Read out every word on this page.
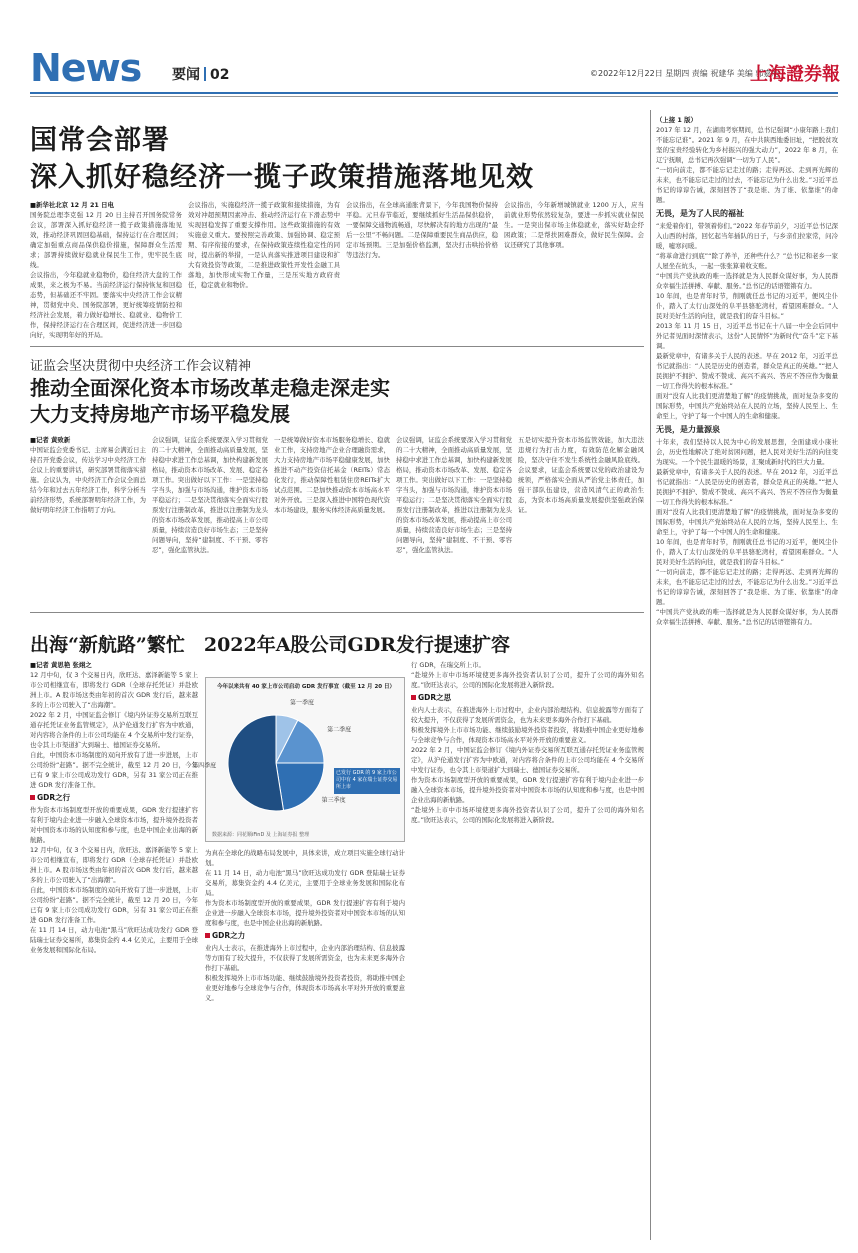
News 要闻 02	©2022年12月22日 星期四 责编 祝建华 美编 郭嘉旭
上海證券報
国常会部署
深入抓好稳经济一揽子政策措施落地见效

■新华社北京 12 月 21 日电

国务院总理李克强 12 月 20 日主持召开国务院常务会议，部署深入抓好稳经济一揽子政策措施落地见效，推动经济巩固回稳基础，保持运行在合理区间；确定加强重点商品保供稳价措施，保障群众生活需求；部署持续做好稳就业保民生工作，兜牢民生底线。

会议指出，今年稳就业稳物价，稳住经济大盘的工作成果，来之极为不易。当前经济运行保持恢复和回稳态势，但基础还不牢固。要落实中央经济工作会议精神，贯彻党中央、国务院部署，更好统筹疫情防控和经济社会发展，着力做好稳增长、稳就业、稳物价工作，保持经济运行在合理区间，促进经济进一步回稳向好，实现明年好的开局。

会议指出，实施稳经济一揽子政策和接续措施，为有效对冲超预期因素冲击、推动经济运行在下滑态势中实现回稳发挥了重要支撑作用。这些政策措施的有效实施意义重大。要按照完善政策、加强协调、稳定预期、有序衔接的要求，在保持政策连续性稳定性的同时，提出新的举措，一是认真落实推进项目建设和扩大有效投资等政策，二是推进政策性开发性金融工具落地，加快形成实物工作量，三是压实地方政府责任，稳定就业和物价。

会议指出，在全球高通胀背景下，今年我国物价保持平稳。元旦春节临近，要继续抓好生活品保供稳价，一要保障交通物流畅通，尽快解决有的地方出现的“最后一公里”不畅问题。二是保障重要民生商品供应，稳定市场预期。三是加强价格监测，坚决打击哄抬价格等违法行为。

会议指出，今年新增城镇就业 1200 万人，应当前就业形势依然较复杂，要进一步抓实就业保民生。一是突出保市场主体稳就业，落实好助企纾困政策；二是帮扶困难群众，做好民生保障。会议还研究了其他事项。

证监会坚决贯彻中央经济工作会议精神
推动全面深化资本市场改革走稳走深走实
大力支持房地产市场平稳发展

■记者 黄致新

中国证监会党委书记、主席易会满近日主持召开党委会议，传达学习中央经济工作会议上的重要讲话，研究部署贯彻落实措施。会议认为，中央经济工作会议全面总结今年和过去五年经济工作，科学分析当前经济形势，系统部署明年经济工作，为做好明年经济工作指明了方向。

会议强调，证监会系统要深入学习贯彻党的二十大精神，全面推动高质量发展，坚持稳中求进工作总基调，加快构建新发展格局，推动资本市场改革、发展、稳定各项工作。突出做好以下工作：一是坚持稳字当头，加强与市场沟通，维护资本市场平稳运行；二是坚决贯彻落实全面实行股票发行注册制改革，推进以注册制为龙头的资本市场改革发展，推动提高上市公司质量，持续营造良好市场生态；三是坚持问题导向，坚持“建制度、不干预、零容忍”，强化监管执法。

一是统筹做好资本市场服务稳增长、稳就业工作，支持房地产企业合理融资需求，大力支持房地产市场平稳健康发展，加快推进不动产投资信托基金（REITs）常态化发行，推动保障性租赁住房REITs扩大试点范围。二是加快推动资本市场高水平对外开放。三是深入推进中国特色现代资本市场建设，服务实体经济高质量发展。

会议强调，证监会系统要深入学习贯彻党的二十大精神，全面推动高质量发展，坚持稳中求进工作总基调，加快构建新发展格局，推动资本市场改革、发展、稳定各项工作。突出做好以下工作：一是坚持稳字当头，加强与市场沟通，维护资本市场平稳运行；二是坚决贯彻落实全面实行股票发行注册制改革，推进以注册制为龙头的资本市场改革发展，推动提高上市公司质量，持续营造良好市场生态；三是坚持问题导向，坚持“建制度、不干预、零容忍”，强化监管执法。

五是切实提升资本市场监管效能，加大违法违规行为打击力度，有效防范化解金融风险，坚决守住不发生系统性金融风险底线。会议要求，证监会系统要以党的政治建设为统领，严格落实全面从严治党主体责任，加强干部队伍建设，营造风清气正的政治生态，为资本市场高质量发展提供坚强政治保证。

出海“新航路”繁忙　2022年A股公司GDR发行提速扩容

■记者 黄思艳 张翊之

12 月中旬，仅 3 个交易日内，欣旺达、嘉泽新能等 5 家上市公司相继宣布，即将发行 GDR（全球存托凭证）并赴欧洲上市。A 股市场这类由年初的首次 GDR 发行后，越来越多的上市公司驶入了“出海潮”。

2022 年 2 月，中国证监会修订《境内外证券交易所互联互通存托凭证业务监管规定》，从沪伦通发行扩容为中欧通，对内容将合条件的上市公司均能在 4 个交易所中发行证券，也令其上市渠道扩大到瑞士、德国证券交易所。

自此，中国资本市场制度的双向开放有了进一步进展，上市公司纷纷“赶路”。据不完全统计，截至 12 月 20 日，今年已有 9 家上市公司成功发行 GDR，另有 31 家公司正在推进 GDR 发行准备工作。

GDR之行

作为资本市场制度型开放的重要成果，GDR 发行提速扩容有利于境内企业进一步融入全球资本市场，提升境外投资者对中国资本市场的认知度和参与度，也是中国企业出海的新航路。

12 月中旬，仅 3 个交易日内，欣旺达、嘉泽新能等 5 家上市公司相继宣布，即将发行 GDR（全球存托凭证）并赴欧洲上市。A 股市场这类由年初的首次 GDR 发行后，越来越多的上市公司驶入了“出海潮”。

自此，中国资本市场制度的双向开放有了进一步进展，上市公司纷纷“赶路”。据不完全统计，截至 12 月 20 日，今年已有 9 家上市公司成功发行 GDR，另有 31 家公司正在推进 GDR 发行准备工作。

在 11 月 14 日，动力电池“黑马”欣旺达成功发行 GDR 登陆瑞士证券交易所，募集资金约 4.4 亿美元，主要用于全球业务发展和国际化布局。

今年以来共有 40 家上市公司启动 GDR 发行事宜（截至 12 月 20 日）
第一季度
第二季度
第三季度
第四季度
已发行 GDR 的 9 家上市公司中有 4 家在瑞士证券交易所上市
数据来源：同花顺iFinD 及 上海证券报 整理

为真在全球化的战略布局发展中，具体来讲，成立项目实施全球行动计划。

在 11 月 14 日，动力电池“黑马”欣旺达成功发行 GDR 登陆瑞士证券交易所，募集资金约 4.4 亿美元，主要用于全球业务发展和国际化布局。

作为资本市场制度型开放的重要成果，GDR 发行提速扩容有利于境内企业进一步融入全球资本市场，提升境外投资者对中国资本市场的认知度和参与度，也是中国企业出海的新航路。

GDR之力

业内人士表示，在推进海外上市过程中，企业内部治理结构、信息披露等方面有了较大提升，不仅获得了发展所需资金，也为未来更多海外合作打下基础。

积极发挥境外上市市场功能、继续鼓励境外投资者投资，将助推中国企业更好地参与全球竞争与合作，体现资本市场高水平对外开放的重要意义。

行 GDR，在瑞交所上市。

“赴境外上市中市场环境使更多海外投资者认识了公司，提升了公司的海外知名度。”欣旺达表示，公司的国际化发展将进入新阶段。

GDR之思

业内人士表示，在推进海外上市过程中，企业内部治理结构、信息披露等方面有了较大提升，不仅获得了发展所需资金，也为未来更多海外合作打下基础。

积极发挥境外上市市场功能、继续鼓励境外投资者投资，将助推中国企业更好地参与全球竞争与合作，体现资本市场高水平对外开放的重要意义。

2022 年 2 月，中国证监会修订《境内外证券交易所互联互通存托凭证业务监管规定》，从沪伦通发行扩容为中欧通，对内容将合条件的上市公司均能在 4 个交易所中发行证券，也令其上市渠道扩大到瑞士、德国证券交易所。

作为资本市场制度型开放的重要成果，GDR 发行提速扩容有利于境内企业进一步融入全球资本市场，提升境外投资者对中国资本市场的认知度和参与度，也是中国企业出海的新航路。

“赴境外上市中市场环境使更多海外投资者认识了公司，提升了公司的海外知名度。”欣旺达表示，公司的国际化发展将进入新阶段。

（上接 1 版）

2017 年 12 月，在湖南考察期间，总书记强调“小康年路上我们不能忘记谁”。2021 年 9 月，在中共陕西地委旧址，“把脱贫攻坚的宝贵经验转化为乡村振兴的强大动力”，2022 年 8 月，在辽宁抚顺，总书记再次强调“一切为了人民”。

“一切向前走，都不能忘记走过的路；走得再远、走到再光辉的未来，也不能忘记走过的过去，不能忘记为什么出发。”习近平总书记的谆谆告诫，深刻回答了“我是谁、为了谁、依靠谁”的命题。

无畏，是为了人民的福祉

“来爱着你们，带领着你们。”2022 年春节前夕，习近平总书记深入山西的村落，回忆起当年插队的日子，与乡亲们拉家常，问冷暖，嘘寒问暖。

“将革命进行到底”“除了养羊，还种些什么？”总书记和老乡一家人屋坐在炕头，一起一张张算着收支账。

“中国共产党执政的唯一选择就是为人民群众谋好事，为人民群众幸福生活拼搏、奉献、服务。”总书记的话语铿锵有力。

10 年间，也是青年时节，削刚就任总书记的习近平，便风尘仆仆，踏入了太行山深处的阜平县骆驼湾村，看望困难群众。“人民对美好生活的向往，就是我们的奋斗目标。”

2013 年 11 月 15 日，习近平总书记在十八届一中全会后同中外记者见面时深情表示，这份“人民情怀”为新时代“奋斗”定下基调。

最新党章中，有诸多关于人民的表述。早在 2012 年，习近平总书记就指出：“人民是历史的创造者，群众是真正的英雄。”“把人民拥护不拥护、赞成不赞成、高兴不高兴、答应不答应作为衡量一切工作得失的根本标准。”

面对“没有人比我们更清楚地了解”的疫情挑战，面对复杂多变的国际形势，中国共产党始终站在人民的立场，坚持人民至上、生命至上，守护了每一个中国人的生命和健康。

无畏，是力量源泉

十年来，我们坚持以人民为中心的发展思想，全面建成小康社会，历史性地解决了绝对贫困问题，把人民对美好生活的向往变为现实。一个个民生温暖的场景，汇聚成新时代的巨大力量。

最新党章中，有诸多关于人民的表述。早在 2012 年，习近平总书记就指出：“人民是历史的创造者，群众是真正的英雄。”“把人民拥护不拥护、赞成不赞成、高兴不高兴、答应不答应作为衡量一切工作得失的根本标准。”

面对“没有人比我们更清楚地了解”的疫情挑战，面对复杂多变的国际形势，中国共产党始终站在人民的立场，坚持人民至上、生命至上，守护了每一个中国人的生命和健康。

10 年间，也是青年时节，削刚就任总书记的习近平，便风尘仆仆，踏入了太行山深处的阜平县骆驼湾村，看望困难群众。“人民对美好生活的向往，就是我们的奋斗目标。”

“一切向前走，都不能忘记走过的路；走得再远、走到再光辉的未来，也不能忘记走过的过去，不能忘记为什么出发。”习近平总书记的谆谆告诫，深刻回答了“我是谁、为了谁、依靠谁”的命题。

“中国共产党执政的唯一选择就是为人民群众谋好事，为人民群众幸福生活拼搏、奉献、服务。”总书记的话语铿锵有力。
